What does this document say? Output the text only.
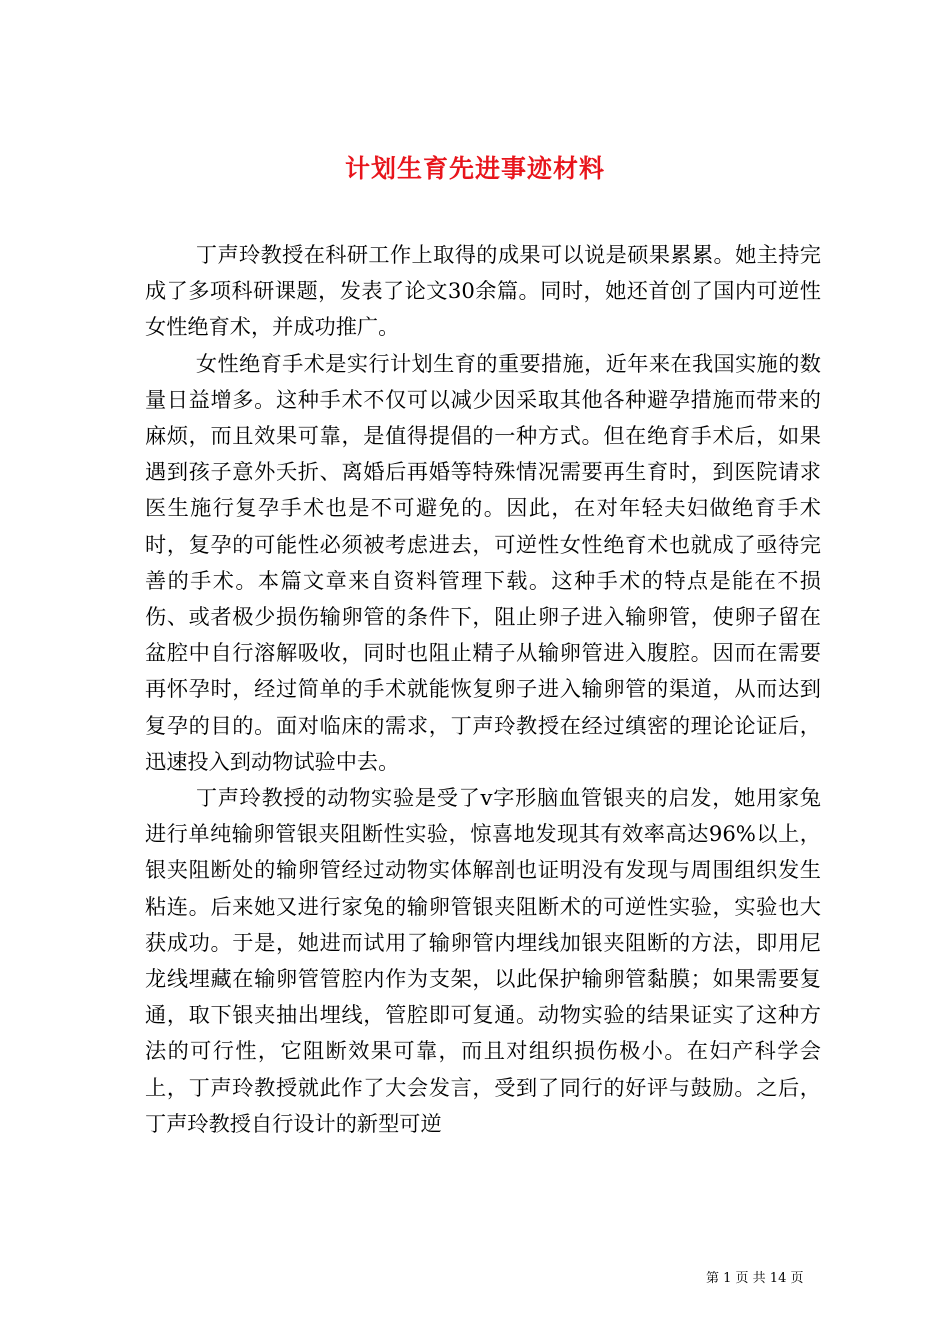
计划生育先进事迹材料

丁声玲教授在科研工作上取得的成果可以说是硕果累累。她主持完成了多项科研课题，发表了论文30余篇。同时，她还首创了国内可逆性女性绝育术，并成功推广。

女性绝育手术是实行计划生育的重要措施，近年来在我国实施的数量日益增多。这种手术不仅可以减少因采取其他各种避孕措施而带来的麻烦，而且效果可靠，是值得提倡的一种方式。但在绝育手术后，如果遇到孩子意外夭折、离婚后再婚等特殊情况需要再生育时，到医院请求医生施行复孕手术也是不可避免的。因此，在对年轻夫妇做绝育手术时，复孕的可能性必须被考虑进去，可逆性女性绝育术也就成了亟待完善的手术。本篇文章来自资料管理下载。这种手术的特点是能在不损伤、或者极少损伤输卵管的条件下，阻止卵子进入输卵管，使卵子留在盆腔中自行溶解吸收，同时也阻止精子从输卵管进入腹腔。因而在需要再怀孕时，经过简单的手术就能恢复卵子进入输卵管的渠道，从而达到复孕的目的。面对临床的需求，丁声玲教授在经过缜密的理论论证后，迅速投入到动物试验中去。

丁声玲教授的动物实验是受了v字形脑血管银夹的启发，她用家兔进行单纯输卵管银夹阻断性实验，惊喜地发现其有效率高达96%以上，银夹阻断处的输卵管经过动物实体解剖也证明没有发现与周围组织发生粘连。后来她又进行家兔的输卵管银夹阻断术的可逆性实验，实验也大获成功。于是，她进而试用了输卵管内埋线加银夹阻断的方法，即用尼龙线埋藏在输卵管管腔内作为支架，以此保护输卵管黏膜；如果需要复通，取下银夹抽出埋线，管腔即可复通。动物实验的结果证实了这种方法的可行性，它阻断效果可靠，而且对组织损伤极小。在妇产科学会上，丁声玲教授就此作了大会发言，受到了同行的好评与鼓励。之后，丁声玲教授自行设计的新型可逆

第 1 页 共 14 页
